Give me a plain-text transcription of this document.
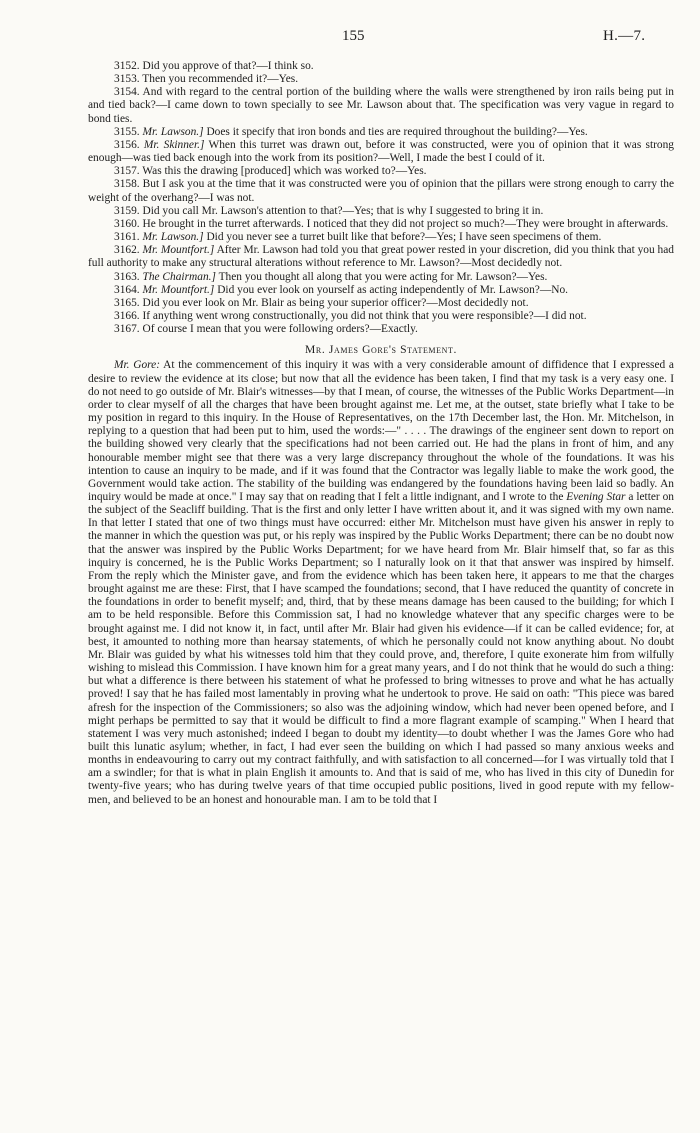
155	H.—7.

3152. Did you approve of that?—I think so.

3153. Then you recommended it?—Yes.

3154. And with regard to the central portion of the building where the walls were strengthened by iron rails being put in and tied back?—I came down to town specially to see Mr. Lawson about that. The specification was very vague in regard to bond ties.

3155. Mr. Lawson.] Does it specify that iron bonds and ties are required throughout the building?—Yes.

3156. Mr. Skinner.] When this turret was drawn out, before it was constructed, were you of opinion that it was strong enough—was tied back enough into the work from its position?—Well, I made the best I could of it.

3157. Was this the drawing [produced] which was worked to?—Yes.

3158. But I ask you at the time that it was constructed were you of opinion that the pillars were strong enough to carry the weight of the overhang?—I was not.

3159. Did you call Mr. Lawson's attention to that?—Yes; that is why I suggested to bring it in.

3160. He brought in the turret afterwards. I noticed that they did not project so much?—They were brought in afterwards.

3161. Mr. Lawson.] Did you never see a turret built like that before?—Yes; I have seen specimens of them.

3162. Mr. Mountfort.] After Mr. Lawson had told you that great power rested in your discretion, did you think that you had full authority to make any structural alterations without reference to Mr. Lawson?—Most decidedly not.

3163. The Chairman.] Then you thought all along that you were acting for Mr. Lawson?—Yes.

3164. Mr. Mountfort.] Did you ever look on yourself as acting independently of Mr. Lawson?—No.

3165. Did you ever look on Mr. Blair as being your superior officer?—Most decidedly not.

3166. If anything went wrong constructionally, you did not think that you were responsible?—I did not.

3167. Of course I mean that you were following orders?—Exactly.

Mr. James Gore's Statement.

Mr. Gore: At the commencement of this inquiry it was with a very considerable amount of diffidence that I expressed a desire to review the evidence at its close; but now that all the evidence has been taken, I find that my task is a very easy one. I do not need to go outside of Mr. Blair's witnesses—by that I mean, of course, the witnesses of the Public Works Department—in order to clear myself of all the charges that have been brought against me. Let me, at the outset, state briefly what I take to be my position in regard to this inquiry. In the House of Representatives, on the 17th December last, the Hon. Mr. Mitchelson, in replying to a question that had been put to him, used the words:—" . . . . The drawings of the engineer sent down to report on the building showed very clearly that the specifications had not been carried out. He had the plans in front of him, and any honourable member might see that there was a very large discrepancy throughout the whole of the foundations. It was his intention to cause an inquiry to be made, and if it was found that the Contractor was legally liable to make the work good, the Government would take action. The stability of the building was endangered by the foundations having been laid so badly. An inquiry would be made at once." I may say that on reading that I felt a little indignant, and I wrote to the Evening Star a letter on the subject of the Seacliff building. That is the first and only letter I have written about it, and it was signed with my own name. In that letter I stated that one of two things must have occurred: either Mr. Mitchelson must have given his answer in reply to the manner in which the question was put, or his reply was inspired by the Public Works Department; there can be no doubt now that the answer was inspired by the Public Works Department; for we have heard from Mr. Blair himself that, so far as this inquiry is concerned, he is the Public Works Department; so I naturally look on it that that answer was inspired by himself. From the reply which the Minister gave, and from the evidence which has been taken here, it appears to me that the charges brought against me are these: First, that I have scamped the foundations; second, that I have reduced the quantity of concrete in the foundations in order to benefit myself; and, third, that by these means damage has been caused to the building; for which I am to be held responsible. Before this Commission sat, I had no knowledge whatever that any specific charges were to be brought against me. I did not know it, in fact, until after Mr. Blair had given his evidence—if it can be called evidence; for, at best, it amounted to nothing more than hearsay statements, of which he personally could not know anything about. No doubt Mr. Blair was guided by what his witnesses told him that they could prove, and, therefore, I quite exonerate him from wilfully wishing to mislead this Commission. I have known him for a great many years, and I do not think that he would do such a thing: but what a difference is there between his statement of what he professed to bring witnesses to prove and what he has actually proved! I say that he has failed most lamentably in proving what he undertook to prove. He said on oath: "This piece was bared afresh for the inspection of the Commissioners; so also was the adjoining window, which had never been opened before, and I might perhaps be permitted to say that it would be difficult to find a more flagrant example of scamping." When I heard that statement I was very much astonished; indeed I began to doubt my identity—to doubt whether I was the James Gore who had built this lunatic asylum; whether, in fact, I had ever seen the building on which I had passed so many anxious weeks and months in endeavouring to carry out my contract faithfully, and with satisfaction to all concerned—for I was virtually told that I am a swindler; for that is what in plain English it amounts to. And that is said of me, who has lived in this city of Dunedin for twenty-five years; who has during twelve years of that time occupied public positions, lived in good repute with my fellow-men, and believed to be an honest and honourable man. I am to be told that I
